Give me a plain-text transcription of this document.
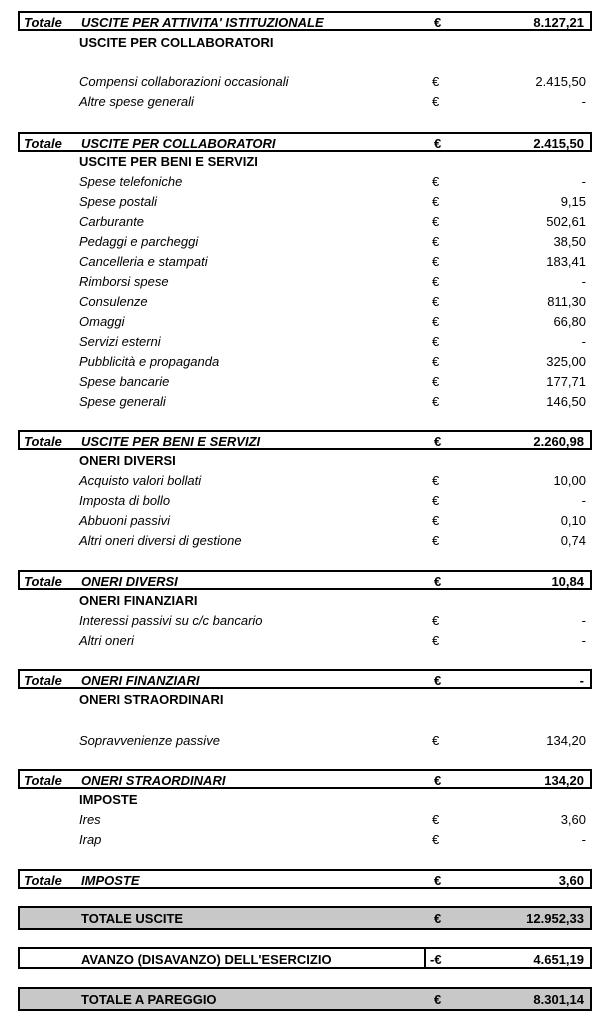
Totale USCITE PER ATTIVITA' ISTITUZIONALE	€	8.127,21
USCITE PER COLLABORATORI
Compensi collaborazioni occasionali	€	2.415,50
Altre spese generali	€	-
Totale USCITE PER COLLABORATORI	€	2.415,50
USCITE PER BENI E SERVIZI
Spese telefoniche	€	-
Spese postali	€	9,15
Carburante	€	502,61
Pedaggi e parcheggi	€	38,50
Cancelleria e stampati	€	183,41
Rimborsi spese	€	-
Consulenze	€	811,30
Omaggi	€	66,80
Servizi esterni	€	-
Pubblicità e propaganda	€	325,00
Spese bancarie	€	177,71
Spese generali	€	146,50
Totale USCITE PER BENI E SERVIZI	€	2.260,98
ONERI DIVERSI
Acquisto valori bollati	€	10,00
Imposta di bollo	€	-
Abbuoni passivi	€	0,10
Altri oneri diversi di gestione	€	0,74
Totale ONERI DIVERSI	€	10,84
ONERI FINANZIARI
Interessi passivi su c/c bancario	€	-
Altri oneri	€	-
Totale ONERI FINANZIARI	€	-
ONERI STRAORDINARI
Sopravvenienze passive	€	134,20
Totale ONERI STRAORDINARI	€	134,20
IMPOSTE
Ires	€	3,60
Irap	€	-
Totale IMPOSTE	€	3,60
TOTALE USCITE	€	12.952,33
AVANZO (DISAVANZO) DELL'ESERCIZIO	-€	4.651,19
TOTALE A PAREGGIO	€	8.301,14
